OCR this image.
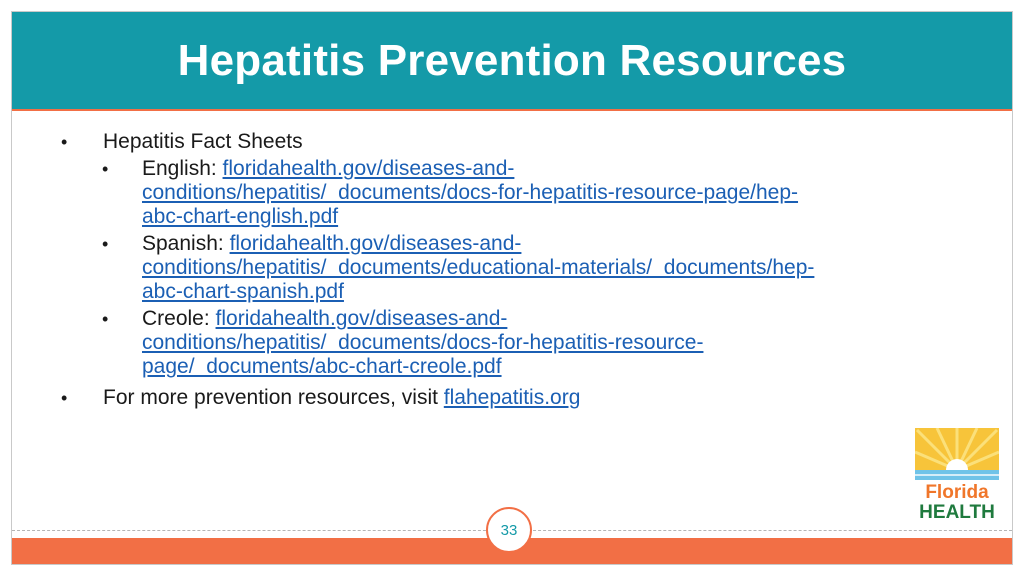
Hepatitis Prevention Resources
• Hepatitis Fact Sheets
• English: floridahealth.gov/diseases-and-
conditions/hepatitis/_documents/docs-for-hepatitis-resource-page/hep-
abc-chart-english.pdf
• Spanish: floridahealth.gov/diseases-and-
conditions/hepatitis/_documents/educational-materials/_documents/hep-
abc-chart-spanish.pdf
• Creole: floridahealth.gov/diseases-and-
conditions/hepatitis/_documents/docs-for-hepatitis-resource-
page/_documents/abc-chart-creole.pdf
• For more prevention resources, visit flahepatitis.org
Florida
HEALTH
33
